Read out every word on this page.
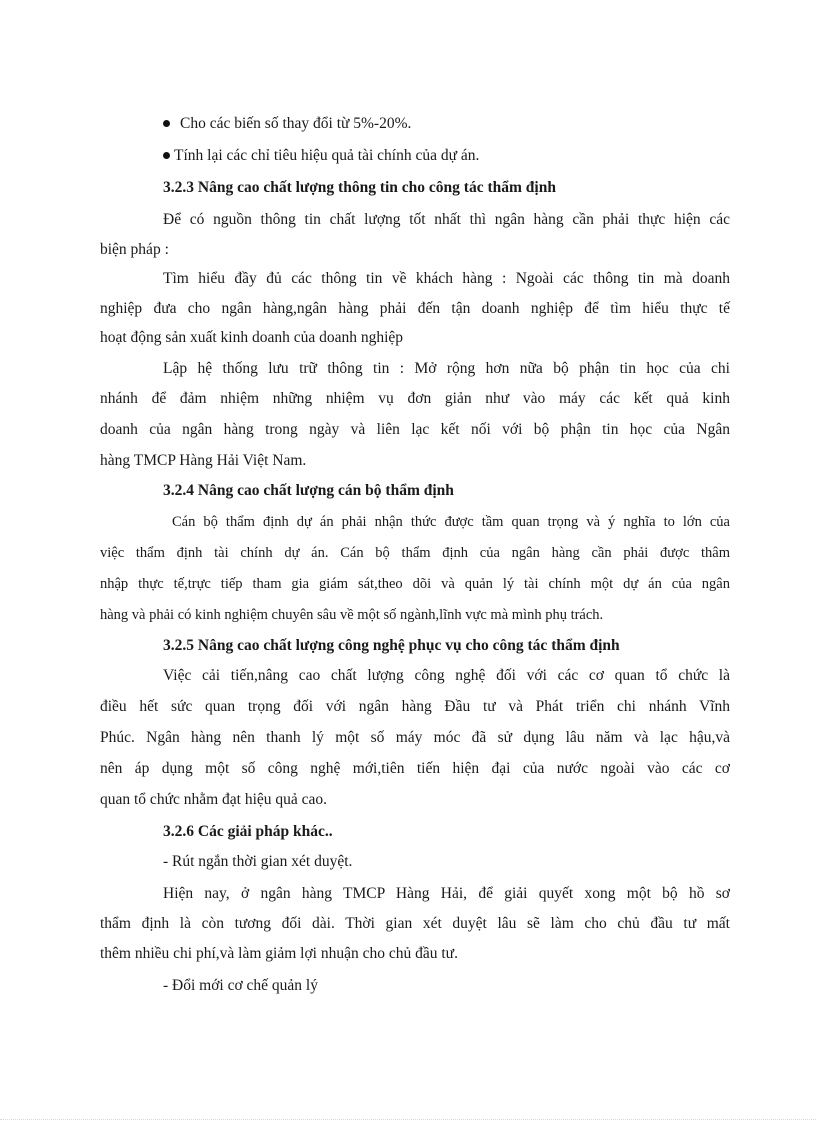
Cho các biến số thay đổi từ 5%-20%.
Tính lại các chỉ tiêu hiệu quả tài chính của dự án.
3.2.3 Nâng cao chất lượng thông tin cho công tác thẩm định
Để có nguồn thông tin chất lượng tốt nhất thì ngân hàng cần phải thực hiện các
biện pháp :
Tìm hiểu đầy đủ các thông tin về khách hàng : Ngoài các thông tin mà doanh
nghiệp đưa cho ngân hàng,ngân hàng phải đến tận doanh nghiệp để tìm hiểu thực tế
hoạt động sản xuất kinh doanh của doanh nghiệp
Lập hệ thống lưu trữ thông tin : Mở rộng hơn nữa bộ phận tin học của chi
nhánh để đảm nhiệm những nhiệm vụ đơn giản như vào máy các kết quả kinh
doanh của ngân hàng trong ngày và liên lạc kết nối với bộ phận tin học của Ngân
hàng TMCP Hàng Hải Việt Nam.
3.2.4 Nâng cao chất lượng cán bộ thẩm định
Cán bộ thẩm định dự án phải nhận thức được tầm quan trọng và ý nghĩa to lớn của
việc thẩm định tài chính dự án. Cán bộ thẩm định của ngân hàng cần phải được thâm
nhập thực tế,trực tiếp tham gia giám sát,theo dõi và quản lý tài chính một dự án của ngân
hàng và phải có kinh nghiệm chuyên sâu về một số ngành,lĩnh vực mà mình phụ trách.
3.2.5 Nâng cao chất lượng công nghệ phục vụ cho công tác thẩm định
Việc cải tiến,nâng cao chất lượng công nghệ đối với các cơ quan tổ chức là
điều hết sức quan trọng đối với ngân hàng Đầu tư và Phát triển chi nhánh Vĩnh
Phúc. Ngân hàng nên thanh lý một số máy móc đã sử dụng lâu năm và lạc hậu,và
nên áp dụng một số công nghệ mới,tiên tiến hiện đại của nước ngoài vào các cơ
quan tổ chức nhằm đạt hiệu quả cao.
3.2.6 Các giải pháp khác..
- Rút ngắn thời gian xét duyệt.
Hiện nay, ở ngân hàng TMCP Hàng Hải, để giải quyết xong một bộ hồ sơ
thẩm định là còn tương đối dài. Thời gian xét duyệt lâu sẽ làm cho chủ đầu tư mất
thêm nhiều chi phí,và làm giảm lợi nhuận cho chủ đầu tư.
- Đổi mới cơ chế quản lý
